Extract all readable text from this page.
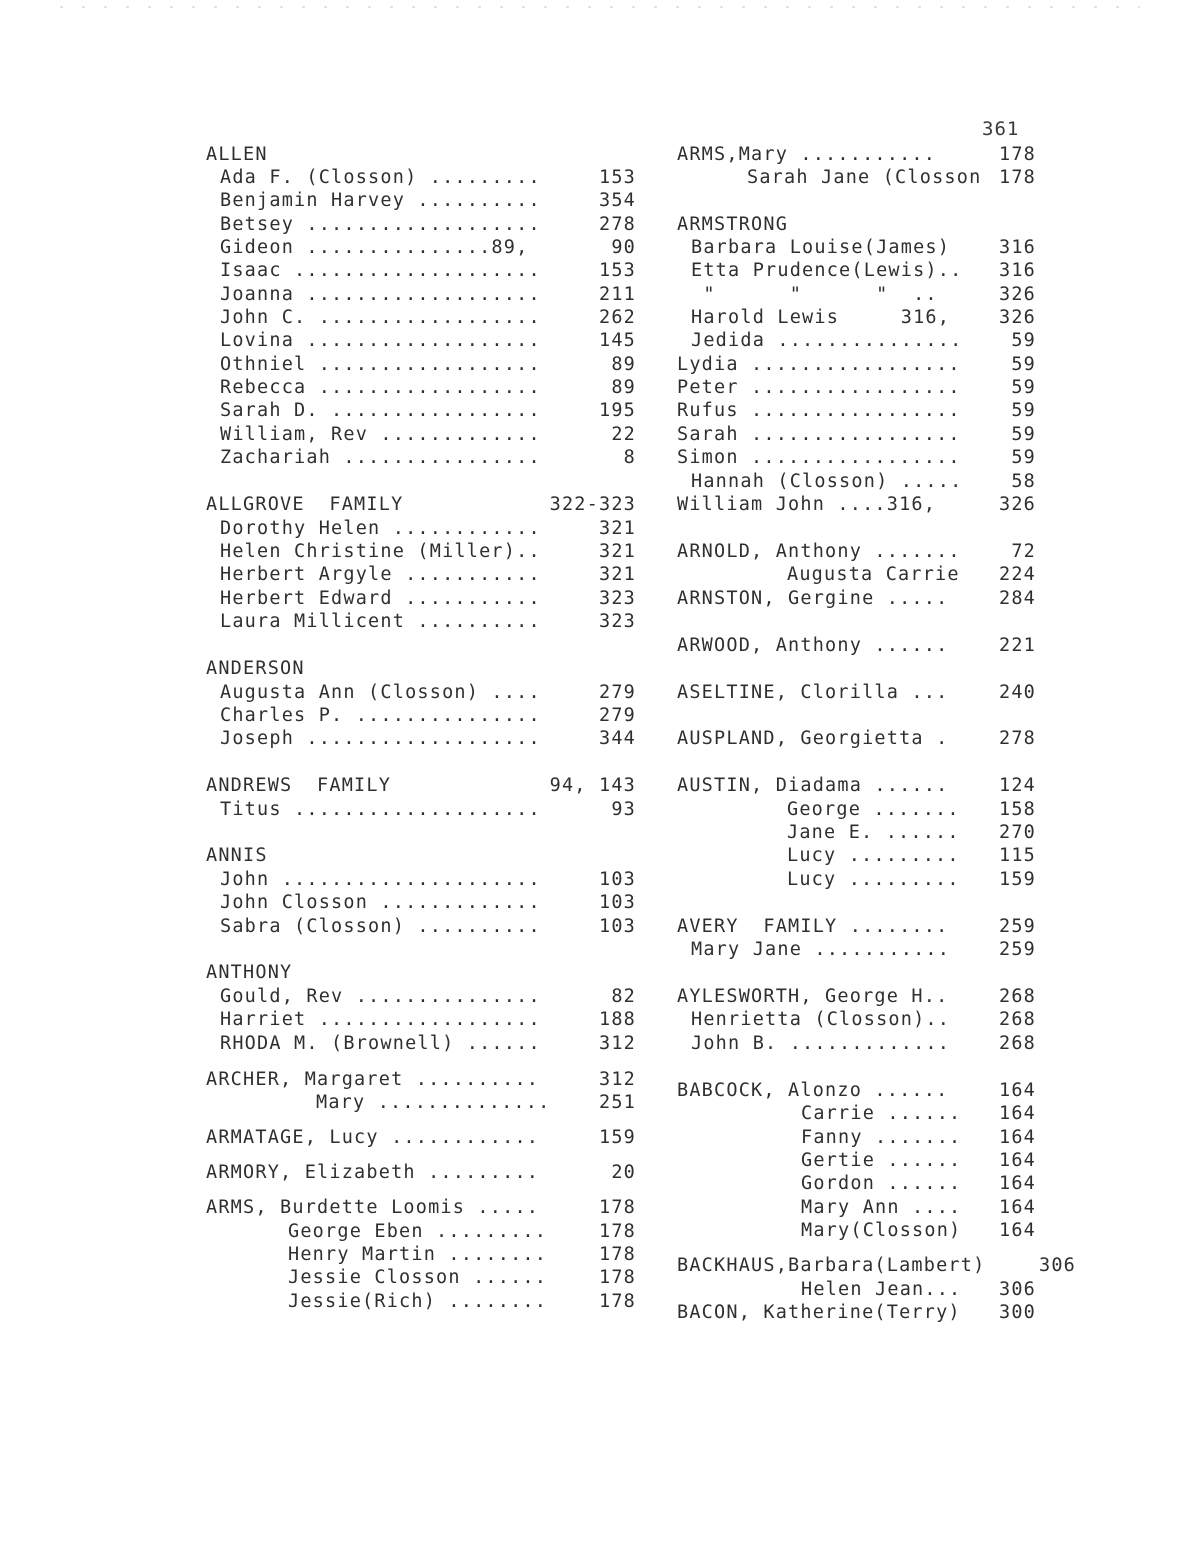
361
ALLEN
Ada F. (Closson) .........	153
Benjamin Harvey ..........	354
Betsey ...................	278
Gideon ...............89,	90
Isaac ....................	153
Joanna ...................	211
John C. ..................	262
Lovina ...................	145
Othniel ..................	89
Rebecca ..................	89
Sarah D. .................	195
William, Rev .............	22
Zachariah ................	8
ALLGROVE  FAMILY	322-323
Dorothy Helen ............	321
Helen Christine (Miller)..	321
Herbert Argyle ...........	321
Herbert Edward ...........	323
Laura Millicent ..........	323
ANDERSON
Augusta Ann (Closson) ....	279
Charles P. ...............	279
Joseph ...................	344
ANDREWS  FAMILY	94, 143
Titus ....................	93
ANNIS
John .....................	103
John Closson .............	103
Sabra (Closson) ..........	103
ANTHONY
Gould, Rev ...............	82
Harriet ..................	188
RHODA M. (Brownell) ......	312
ARCHER, Margaret ..........	312
Mary ..............	251
ARMATAGE, Lucy ............	159
ARMORY, Elizabeth .........	20
ARMS, Burdette Loomis .....	178
George Eben .........	178
Henry Martin ........	178
Jessie Closson ......	178
Jessie(Rich) ........	178
ARMS,Mary ...........	178
Sarah Jane (Closson 178
ARMSTRONG
Barbara Louise(James)	316
Etta Prudence(Lewis).. 316
"      "      "  ..	326
Harold Lewis     316,	326
Jedida ...............	59
Lydia .................	59
Peter .................	59
Rufus .................	59
Sarah .................	59
Simon .................	59
Hannah (Closson) .....	58
William John ....316,	326
ARNOLD, Anthony .......	72
Augusta Carrie 224
ARNSTON, Gergine .....	284
ARWOOD, Anthony ......	221
ASELTINE, Clorilla ...	240
AUSPLAND, Georgietta .	278
AUSTIN, Diadama ......	124
George ....... 158
Jane E. ...... 270
Lucy ......... 115
Lucy ......... 159
AVERY  FAMILY ........	259
Mary Jane ...........	259
AYLESWORTH, George H..	268
Henrietta (Closson)..	268
John B. .............	268
BABCOCK, Alonzo ......	164
Carrie ...... 164
Fanny ....... 164
Gertie ...... 164
Gordon ...... 164
Mary Ann .... 164
Mary(Closson) 164
BACKHAUS,Barbara(Lambert)	306
Helen Jean... 306
BACON, Katherine(Terry) 300
